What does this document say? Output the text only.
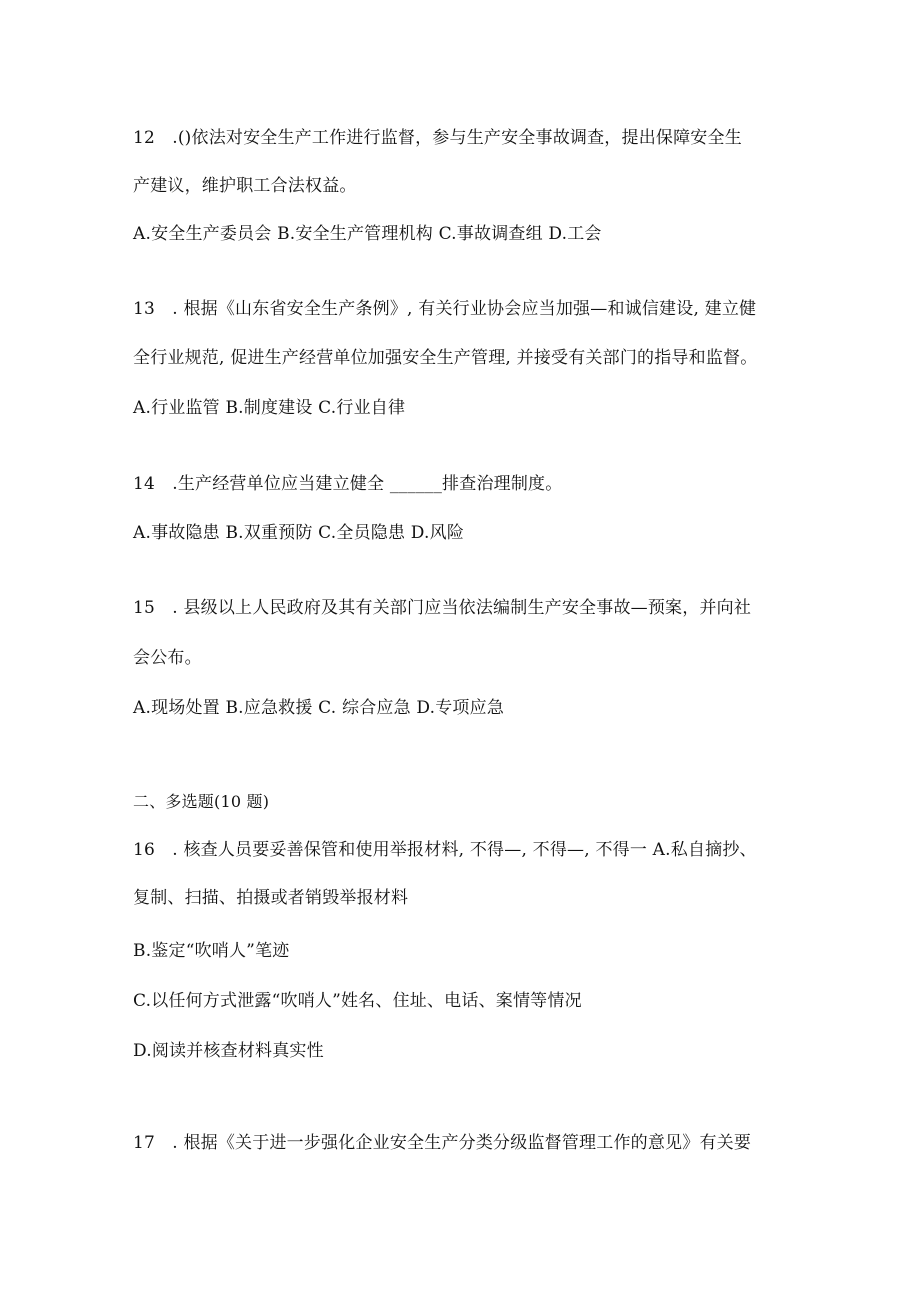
12　.()依法对安全生产工作进行监督，参与生产安全事故调查，提出保障安全生
产建议，维护职工合法权益。
A.安全生产委员会 B.安全生产管理机构 C.事故调查组 D.工会
13　. 根据《山东省安全生产条例》, 有关行业协会应当加强—和诚信建设, 建立健
全行业规范, 促进生产经营单位加强安全生产管理, 并接受有关部门的指导和监督。
A.行业监管 B.制度建设 C.行业自律
14　.生产经营单位应当建立健全 ______排查治理制度。
A.事故隐患 B.双重预防 C.全员隐患 D.风险
15　. 县级以上人民政府及其有关部门应当依法编制生产安全事故—预案，并向社
会公布。
A.现场处置 B.应急救援 C. 综合应急 D.专项应急
二、多选题(10 题)
16　. 核查人员要妥善保管和使用举报材料, 不得—, 不得—, 不得一 A.私自摘抄、
复制、扫描、拍摄或者销毁举报材料
B.鉴定“吹哨人”笔迹
C.以任何方式泄露“吹哨人”姓名、住址、电话、案情等情况
D.阅读并核查材料真实性
17　. 根据《关于进一步强化企业安全生产分类分级监督管理工作的意见》有关要
